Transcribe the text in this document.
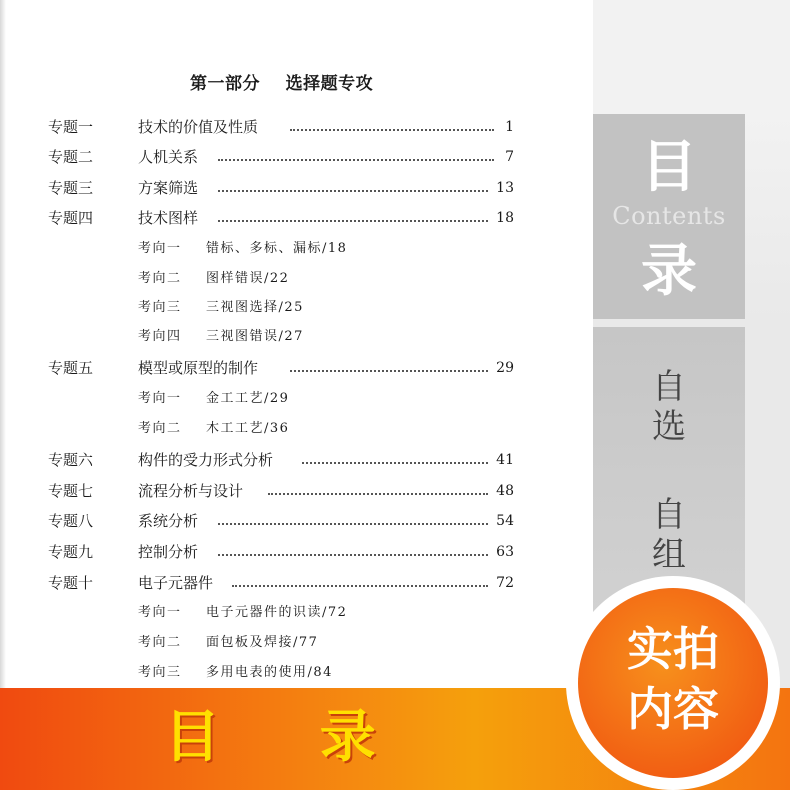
目
Contents
录
自
选
自
组
第一部分    选择题专攻
专题一	技术的价值及性质	1
专题二	人机关系	7
专题三	方案筛选	13
专题四	技术图样	18
考向一 错标、多标、漏标/18
考向二 图样错误/22
考向三 三视图选择/25
考向四 三视图错误/27
专题五	模型或原型的制作	29
考向一 金工工艺/29
考向二 木工工艺/36
专题六	构件的受力形式分析	41
专题七	流程分析与设计	48
专题八	系统分析	54
专题九	控制分析	63
专题十	电子元器件	72
考向一 电子元器件的识读/72
考向二 面包板及焊接/77
考向三 多用电表的使用/84
目 录
实拍
内容
